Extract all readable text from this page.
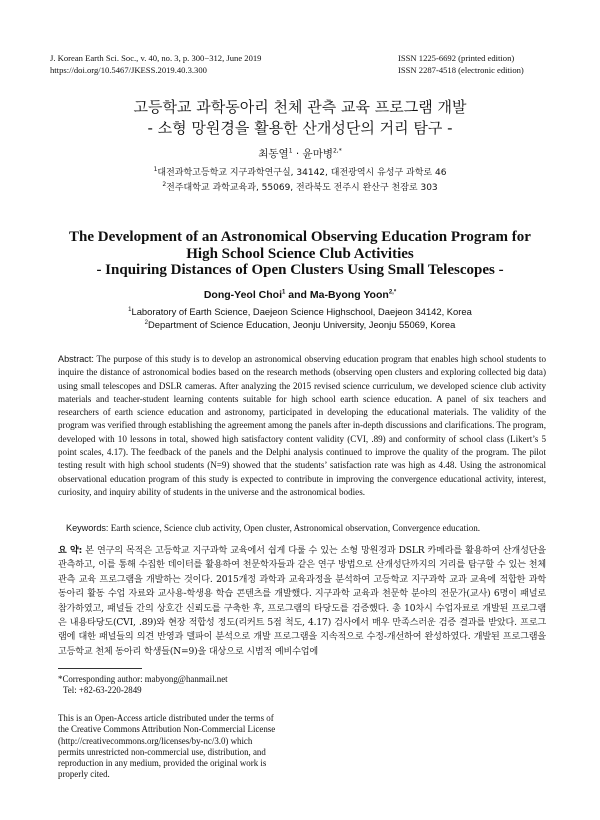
J. Korean Earth Sci. Soc., v. 40, no. 3, p. 300−312, June 2019
https://doi.org/10.5467/JKESS.2019.40.3.300
ISSN 1225-6692 (printed edition)
ISSN 2287-4518 (electronic edition)
고등학교 과학동아리 천체 관측 교육 프로그램 개발
- 소형 망원경을 활용한 산개성단의 거리 탐구 -
최동열$^1$ · 윤마병$^{2,*}$
$^1$대전과학고등학교 지구과학연구실, 34142, 대전광역시 유성구 과학로 46
$^2$전주대학교 과학교육과, 55069, 전라북도 전주시 완산구 천잠로 303
The Development of an Astronomical Observing Education Program for
High School Science Club Activities
- Inquiring Distances of Open Clusters Using Small Telescopes -
Dong-Yeol Choi$^1$ and Ma-Byong Yoon$^{2,*}$
$^1$Laboratory of Earth Science, Daejeon Science Highschool, Daejeon 34142, Korea
$^2$Department of Science Education, Jeonju University, Jeonju 55069, Korea
Abstract: The purpose of this study is to develop an astronomical observing education program that enables high school students to inquire the distance of astronomical bodies based on the research methods (observing open clusters and exploring collected big data) using small telescopes and DSLR cameras. After analyzing the 2015 revised science curriculum, we developed science club activity materials and teacher-student learning contents suitable for high school earth science education. A panel of six teachers and researchers of earth science education and astronomy, participated in developing the educational materials. The validity of the program was verified through establishing the agreement among the panels after in-depth discussions and clarifications. The program, developed with 10 lessons in total, showed high satisfactory content validity (CVI, .89) and conformity of school class (Likert’s 5 point scales, 4.17). The feedback of the panels and the Delphi analysis continued to improve the quality of the program. The pilot testing result with high school students (N=9) showed that the students’ satisfaction rate was high as 4.48. Using the astronomical observational education program of this study is expected to contribute in improving the convergence educational activity, interest, curiosity, and inquiry ability of students in the universe and the astronomical bodies.
Keywords: Earth science, Science club activity, Open cluster, Astronomical observation, Convergence education.
요 약: 본 연구의 목적은 고등학교 지구과학 교육에서 쉽게 다룰 수 있는 소형 망원경과 DSLR 카메라를 활용하여 산개성단을 관측하고, 이를 통해 수집한 데이터를 활용하여 천문학자들과 같은 연구 방법으로 산개성단까지의 거리를 탐구할 수 있는 천체 관측 교육 프로그램을 개발하는 것이다. 2015개정 과학과 교육과정을 분석하여 고등학교 지구과학 교과 교육에 적합한 과학 동아리 활동 수업 자료와 교사용-학생용 학습 콘텐츠를 개발했다. 지구과학 교육과 천문학 분야의 전문가(교사) 6명이 패널로 참가하였고, 패널들 간의 상호간 신뢰도를 구축한 후, 프로그램의 타당도를 검증했다. 총 10차시 수업자료로 개발된 프로그램은 내용타당도(CVI, .89)와 현장 적합성 정도(리커트 5점 척도, 4.17) 검사에서 매우 만족스러운 검증 결과를 받았다. 프로그램에 대한 패널들의 의견 반영과 델파이 분석으로 개발 프로그램을 지속적으로 수정-개선하여 완성하였다. 개발된 프로그램을 고등학교 천체 동아리 학생들(N=9)을 대상으로 시범적 예비수업에
*Corresponding author: mabyong@hanmail.net
Tel: +82-63-220-2849
This is an Open-Access article distributed under the terms of the Creative Commons Attribution Non-Commercial License (http://creativecommons.org/licenses/by-nc/3.0) which permits unrestricted non-commercial use, distribution, and reproduction in any medium, provided the original work is properly cited.
